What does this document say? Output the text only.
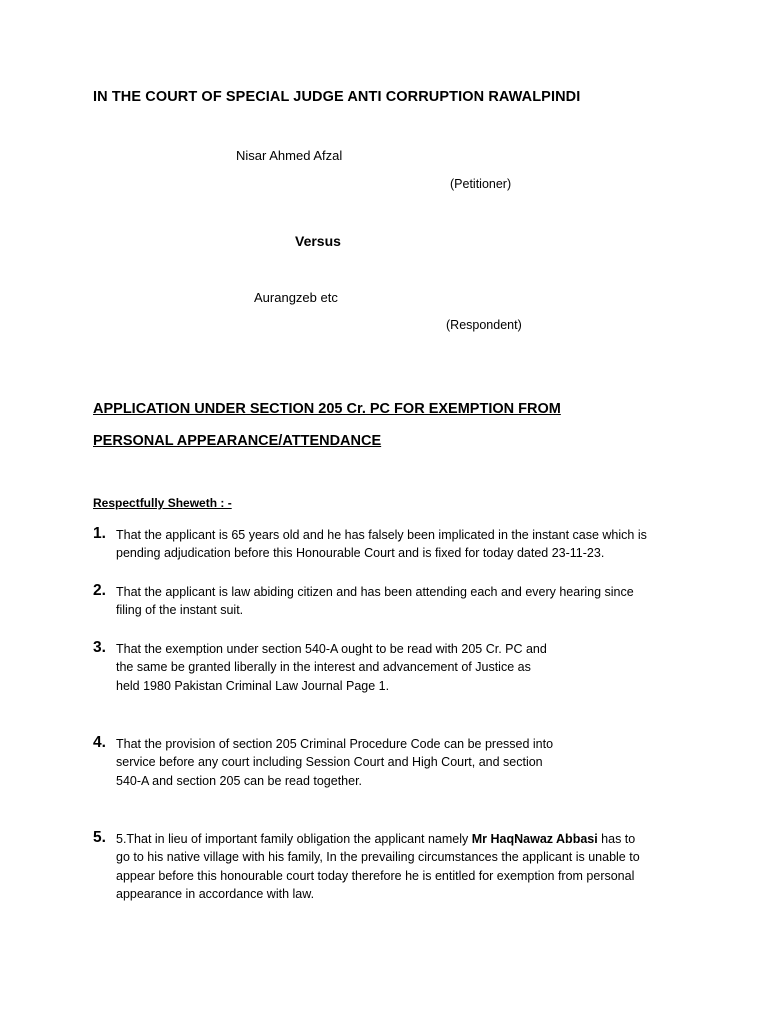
IN THE COURT OF SPECIAL JUDGE ANTI CORRUPTION RAWALPINDI
Nisar Ahmed Afzal
(Petitioner)
Versus
Aurangzeb etc
(Respondent)
APPLICATION UNDER SECTION 205 Cr. PC FOR EXEMPTION FROM
PERSONAL APPEARANCE/ATTENDANCE
Respectfully Sheweth : -
1. That the applicant is 65 years old and he has falsely been implicated in the instant case which is
pending adjudication before this Honourable Court and is fixed for today dated 23-11-23.
2. That the applicant is law abiding citizen and has been attending each and every hearing since
filing of the instant suit.
3. That the exemption under section 540-A ought to be read with 205 Cr. PC and
the same be granted liberally in the interest and advancement of Justice as
held 1980 Pakistan Criminal Law Journal Page 1.
4. That the provision of section 205 Criminal Procedure Code can be pressed into
service before any court including Session Court and High Court, and section
540-A and section 205 can be read together.
5. 5.That in lieu of important family obligation the applicant namely Mr HaqNawaz Abbasi has to
go to his native village with his family, In the prevailing circumstances the applicant is unable to
appear before this honourable court today therefore he is entitled for exemption from personal
appearance in accordance with law.
